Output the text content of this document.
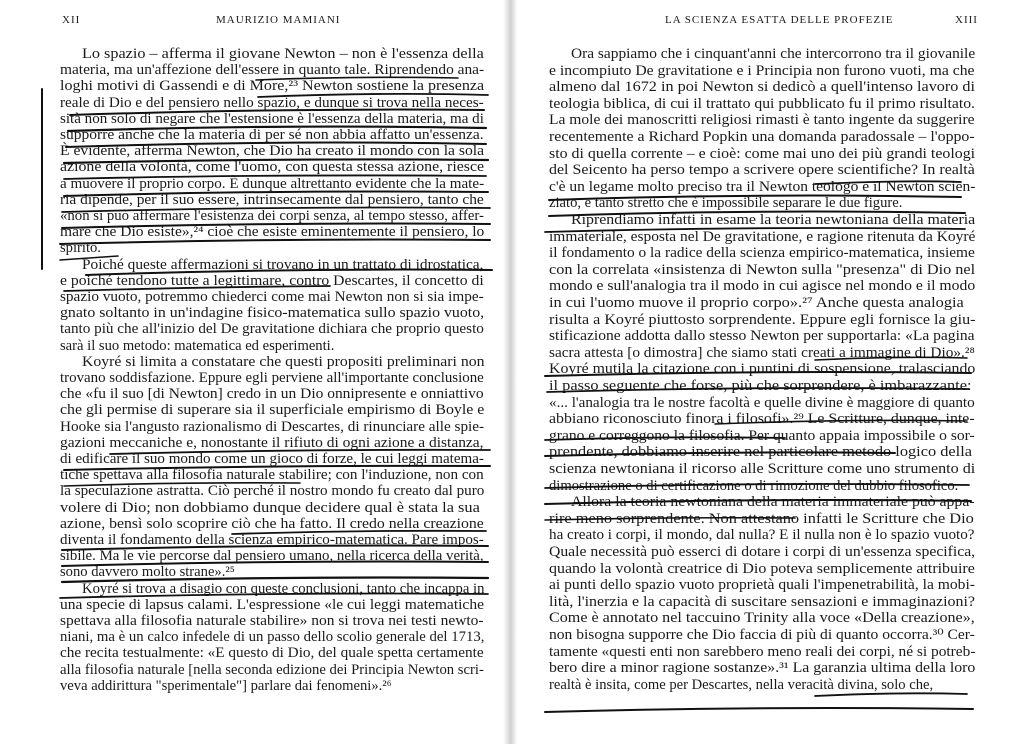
XII	MAURIZIO MAMIANI
Lo spazio – afferma il giovane Newton – non è l'essenza della
materia, ma un'affezione dell'essere in quanto tale. Riprendendo ana-
loghi motivi di Gassendi e di More,²³ Newton sostiene la presenza
reale di Dio e del pensiero nello spazio, e dunque si trova nella neces-
sità non solo di negare che l'estensione è l'essenza della materia, ma di
supporre anche che la materia di per sé non abbia affatto un'essenza.
È evidente, afferma Newton, che Dio ha creato il mondo con la sola
azione della volontà, come l'uomo, con questa stessa azione, riesce
a muovere il proprio corpo. È dunque altrettanto evidente che la mate-
ria dipende, per il suo essere, intrinsecamente dal pensiero, tanto che
«non si può affermare l'esistenza dei corpi senza, al tempo stesso, affer-
mare che Dio esiste»,²⁴ cioè che esiste eminentemente il pensiero, lo
spirito.
Poiché queste affermazioni si trovano in un trattato di idrostatica,
e poiché tendono tutte a legittimare, contro Descartes, il concetto di
spazio vuoto, potremmo chiederci come mai Newton non si sia impe-
gnato soltanto in un'indagine fisico-matematica sullo spazio vuoto,
tanto più che all'inizio del De gravitatione dichiara che proprio questo
sarà il suo metodo: matematica ed esperimenti.
Koyré si limita a constatare che questi propositi preliminari non
trovano soddisfazione. Eppure egli perviene all'importante conclusione
che «fu il suo [di Newton] credo in un Dio onnipresente e onniattivo
che gli permise di superare sia il superficiale empirismo di Boyle e
Hooke sia l'angusto razionalismo di Descartes, di rinunciare alle spie-
gazioni meccaniche e, nonostante il rifiuto di ogni azione a distanza,
di edificare il suo mondo come un gioco di forze, le cui leggi matema-
tiche spettava alla filosofia naturale stabilire; con l'induzione, non con
la speculazione astratta. Ciò perché il nostro mondo fu creato dal puro
volere di Dio; non dobbiamo dunque decidere qual è stata la sua
azione, bensì solo scoprire ciò che ha fatto. Il credo nella creazione
diventa il fondamento della scienza empirico-matematica. Pare impos-
sibile. Ma le vie percorse dal pensiero umano, nella ricerca della verità,
sono davvero molto strane».²⁵
Koyré si trova a disagio con queste conclusioni, tanto che incappa in
una specie di lapsus calami. L'espressione «le cui leggi matematiche
spettava alla filosofia naturale stabilire» non si trova nei testi newto-
niani, ma è un calco infedele di un passo dello scolio generale del 1713,
che recita testualmente: «E questo di Dio, del quale spetta certamente
alla filosofia naturale [nella seconda edizione dei Principia Newton scri-
veva addirittura "sperimentale"] parlare dai fenomeni».²⁶
LA SCIENZA ESATTA DELLE PROFEZIE	XIII
Ora sappiamo che i cinquant'anni che intercorrono tra il giovanile
e incompiuto De gravitatione e i Principia non furono vuoti, ma che
almeno dal 1672 in poi Newton si dedicò a quell'intenso lavoro di
teologia biblica, di cui il trattato qui pubblicato fu il primo risultato.
La mole dei manoscritti religiosi rimasti è tanto ingente da suggerire
recentemente a Richard Popkin una domanda paradossale – l'oppo-
sto di quella corrente – e cioè: come mai uno dei più grandi teologi
del Seicento ha perso tempo a scrivere opere scientifiche? In realtà
c'è un legame molto preciso tra il Newton teologo e il Newton scien-
ziato, e tanto stretto che è impossibile separare le due figure.
Riprendiamo infatti in esame la teoria newtoniana della materia
immateriale, esposta nel De gravitatione, e ragione ritenuta da Koyré
il fondamento o la radice della scienza empirico-matematica, insieme
con la correlata «insistenza di Newton sulla "presenza" di Dio nel
mondo e sull'analogia tra il modo in cui agisce nel mondo e il modo
in cui l'uomo muove il proprio corpo».²⁷ Anche questa analogia
risulta a Koyré piuttosto sorprendente. Eppure egli fornisce la giu-
stificazione addotta dallo stesso Newton per supportarla: «La pagina
sacra attesta [o dimostra] che siamo stati creati a immagine di Dio».²⁸
Koyré mutila la citazione con i puntini di sospensione, tralasciando
il passo seguente che forse, più che sorprendere, è imbarazzante:
«... l'analogia tra le nostre facoltà e quelle divine è maggiore di quanto
abbiano riconosciuto finora i filosofi».²⁹ Le Scritture, dunque, inte-
grano e correggono la filosofia. Per quanto appaia impossibile o sor-
prendente, dobbiamo inserire nel particolare metodo logico della
scienza newtoniana il ricorso alle Scritture come uno strumento di
dimostrazione o di certificazione o di rimozione del dubbio filosofico.
Allora la teoria newtoniana della materia immateriale può appa-
rire meno sorprendente. Non attestano infatti le Scritture che Dio
ha creato i corpi, il mondo, dal nulla? E il nulla non è lo spazio vuoto?
Quale necessità può esserci di dotare i corpi di un'essenza specifica,
quando la volontà creatrice di Dio poteva semplicemente attribuire
ai punti dello spazio vuoto proprietà quali l'impenetrabilità, la mobi-
lità, l'inerzia e la capacità di suscitare sensazioni e immaginazioni?
Come è annotato nel taccuino Trinity alla voce «Della creazione»,
non bisogna supporre che Dio faccia di più di quanto occorra.³⁰ Cer-
tamente «questi enti non sarebbero meno reali dei corpi, né si potreb-
bero dire a minor ragione sostanze».³¹ La garanzia ultima della loro
realtà è insita, come per Descartes, nella veracità divina, solo che,
